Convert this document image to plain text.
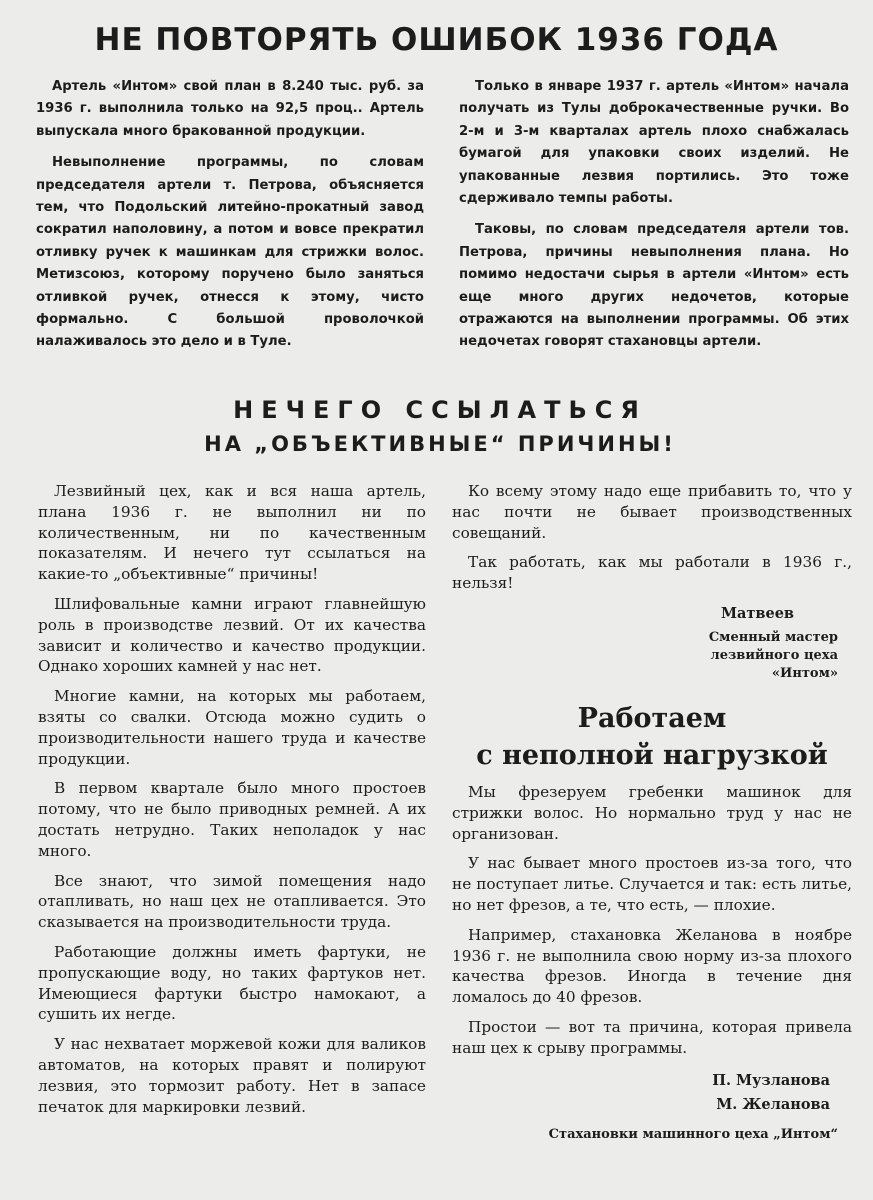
НЕ ПОВТОРЯТЬ ОШИБОК 1936 ГОДА

Артель «Интом» свой план в 8.240 тыс. руб. за 1936 г. выполнила только на 92,5 проц.. Артель выпускала много бракованной продукции.

Невыполнение программы, по словам председателя артели т. Петрова, объясняется тем, что Подольский литейно-прокатный завод сократил наполовину, а потом и вовсе прекратил отливку ручек к машинкам для стрижки волос. Метизсоюз, которому поручено было заняться отливкой ручек, отнесся к этому, чисто формально. С большой проволочкой налаживалось это дело и в Туле.

Только в январе 1937 г. артель «Интом» начала получать из Тулы доброкачественные ручки. Во 2-м и 3-м кварталах артель плохо снабжалась бумагой для упаковки своих изделий. Не упакованные лезвия портились. Это тоже сдерживало темпы работы.

Таковы, по словам председателя артели тов. Петрова, причины невыполнения плана. Но помимо недостачи сырья в артели «Интом» есть еще много других недочетов, которые отражаются на выполнении программы. Об этих недочетах говорят стахановцы артели.

НЕЧЕГО ССЫЛАТЬСЯ
НА „ОБЪЕКТИВНЫЕ“ ПРИЧИНЫ!

Лезвийный цех, как и вся наша артель, плана 1936 г. не выполнил ни по количественным, ни по качественным показателям. И нечего тут ссылаться на какие-то „объективные“ причины!

Шлифовальные камни играют главнейшую роль в производстве лезвий. От их качества зависит и количество и качество продукции. Однако хороших камней у нас нет.

Многие камни, на которых мы работаем, взяты со свалки. Отсюда можно судить о производительности нашего труда и качестве продукции.

В первом квартале было много простоев потому, что не было приводных ремней. А их достать нетрудно. Таких неполадок у нас много.

Все знают, что зимой помещения надо отапливать, но наш цех не отапливается. Это сказывается на производительности труда.

Работающие должны иметь фартуки, не пропускающие воду, но таких фартуков нет. Имеющиеся фартуки быстро намокают, а сушить их негде.

У нас нехватает моржевой кожи для валиков автоматов, на которых правят и полируют лезвия, это тормозит работу. Нет в запасе печаток для маркировки лезвий.

Ко всему этому надо еще прибавить то, что у нас почти не бывает производственных совещаний.

Так работать, как мы работали в 1936 г., нельзя!

Матвеев
Сменный мастер лезвийного цеха «Интом»
Работаем
с неполной нагрузкой

Мы фрезеруем гребенки машинок для стрижки волос. Но нормально труд у нас не организован.

У нас бывает много простоев из-за того, что не поступает литье. Случается и так: есть литье, но нет фрезов, а те, что есть, — плохие.

Например, стахановка Желанова в ноябре 1936 г. не выполнила свою норму из-за плохого качества фрезов. Иногда в течение дня ломалось до 40 фрезов.

Простои — вот та причина, которая привела наш цех к срыву программы.

П. Музланова
М. Желанова
Стахановки машинного цеха „Интом“
